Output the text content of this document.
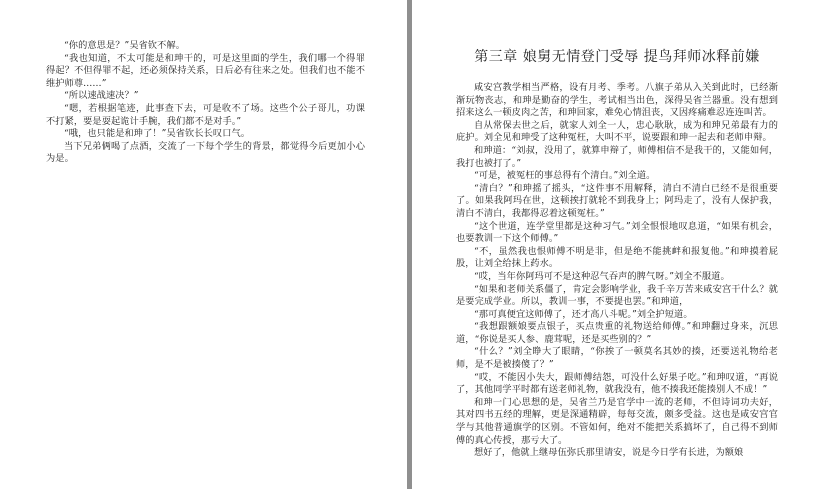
“你的意思是？”吴省钦不解。

“我也知道，不太可能是和珅干的，可是这里面的学生，我们哪一个得罪得起？不但得罪不起，还必须保持关系，日后必有往来之处。但我们也不能不维护师尊……”

“所以速战速决？”

“嗯，若根据笔迹，此事查下去，可是收不了场。这些个公子哥儿，功课不打紧，要是耍起诡计手腕，我们都不是对手。”

“哦，也只能是和珅了！”吴省钦长长叹口气。

当下兄弟俩喝了点酒，交流了一下每个学生的背景，都觉得今后更加小心为是。

第三章 娘舅无情登门受辱 提鸟拜师冰释前嫌

咸安宫教学相当严格，设有月考、季考。八旗子弟从入关到此时，已经渐渐玩物丧志，和珅是勤奋的学生，考试相当出色，深得吴省兰器重。没有想到招来这么一顿皮肉之苦，和珅回家，难免心情沮丧，又因疼痛难忍连连叫苦。

自从常保去世之后，就家人刘全一人，忠心耿耿，成为和珅兄弟最有力的庇护。刘全见和珅受了这种冤枉，大叫不平，说要跟和珅一起去和老师申辩。

和珅道：“刘叔，没用了，就算申辩了，师傅相信不是我干的，又能如何，我打也被打了。”

“可是，被冤枉的事总得有个清白。”刘全道。

“清白？”和珅摇了摇头，“这件事不用解释，清白不清白已经不是很重要了。如果我阿玛在世，这顿挨打就轮不到我身上；阿玛走了，没有人保护我，清白不清白，我都得忍着这顿冤枉。”

“这个世道，连学堂里都是这种习气。”刘全恨恨地叹息道，“如果有机会，也要教训一下这个师傅。”

“不，虽然我也恨师傅不明是非，但是绝不能挑衅和报复他。”和珅摸着屁股，让刘全给抹上药水。

“哎，当年你阿玛可不是这种忍气吞声的脾气呀。”刘全不服道。

“如果和老师关系僵了，肯定会影响学业，我千辛万苦来咸安宫干什么？就是要完成学业。所以，教训一事，不要提也罢。”和珅道，

“那可真便宜这师傅了，还才高八斗呢。”刘全护短道。

“我想跟额娘要点银子，买点贵重的礼物送给师傅。”和珅翻过身来，沉思道，“你说是买人参、鹿茸呢，还是买些别的？”

“什么？”刘全睁大了眼睛，“你挨了一顿莫名其妙的揍，还要送礼物给老师，是不是被揍傻了？”

“哎，不能因小失大，跟师傅结怨，可没什么好果子吃。”和珅叹道，“再说了，其他同学平时都有送老师礼物，就我没有，他不揍我还能揍别人不成！”

和珅一门心思想的是，吴省兰乃是官学中一流的老师，不但诗词功夫好，其对四书五经的理解，更是深通精辟，每每交流，颇多受益。这也是咸安宫官学与其他普通旗学的区别。不管如何，绝对不能把关系搞坏了，自己得不到师傅的真心传授，那亏大了。

想好了，他就上继母伍弥氏那里请安，说是今日学有长进，为额娘
